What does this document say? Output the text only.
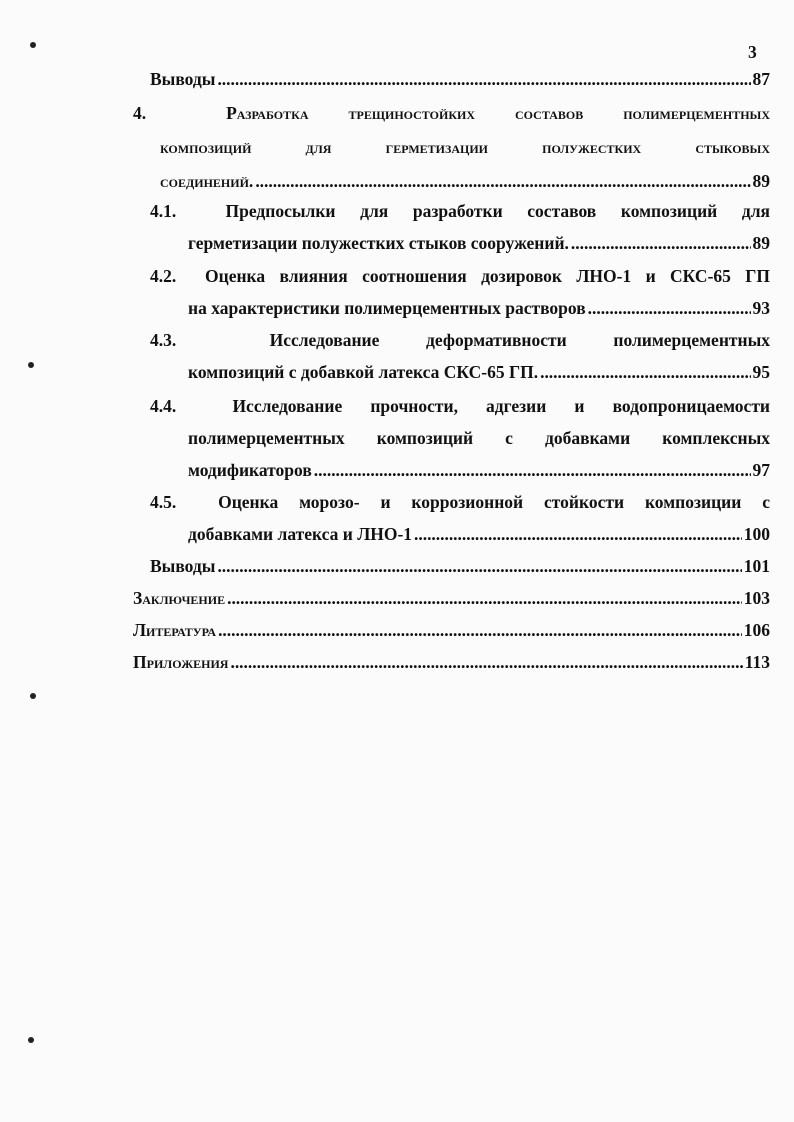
3
Выводы . . .	87
4.	Разработка трещиностойких составов полимерцементных
композиций для герметизации полужестких стыковых
соединений. . . .	89
4.1.	Предпосылки для разработки составов композиций для
герметизации полужестких стыков сооружений. . . .	89
4.2. Оценка влияния соотношения дозировок ЛНО-1 и СКС-65 ГП
на характеристики полимерцементных растворов . . .	93
4.3.	Исследование деформативности полимерцементных
композиций с добавкой латекса СКС-65 ГП. . . .	95
4.4.	Исследование прочности, адгезии и водопроницаемости
полимерцементных композиций с добавками комплексных
модификаторов . . .	97
4.5. Оценка морозо- и коррозионной стойкости композиции с
добавками латекса и ЛНО-1 . . .	100
Выводы . . .	101
Заключение . . .	103
Литература . . .	106
Приложения . . .	113
